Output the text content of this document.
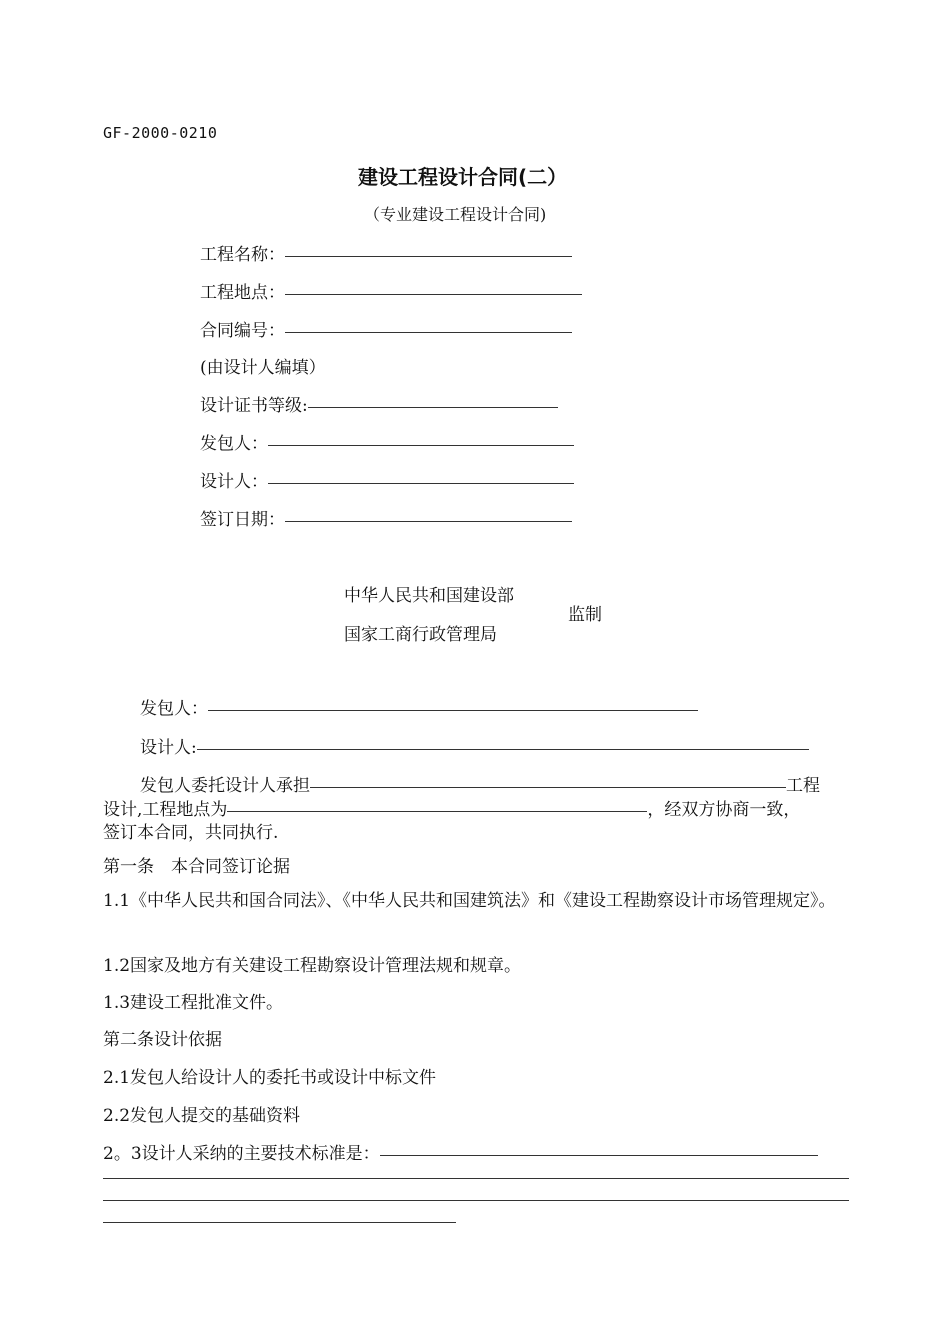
GF-2000-0210
建设工程设计合同(二）
（专业建设工程设计合同)
工程名称：
工程地点：
合同编号：
(由设计人编填）
设计证书等级:
发包人：
设计人：
签订日期：
中华人民共和国建设部
国家工商行政管理局
监制
发包人：
设计人:
发包人委托设计人承担	工程
设计,工程地点为	，经双方协商一致，
签订本合同，共同执行.
第一条　本合同签订论据
1.1《中华人民共和国合同法》、《中华人民共和国建筑法》和《建设工程勘察设计市场管理规定》。
1.2国家及地方有关建设工程勘察设计管理法规和规章。
1.3建设工程批准文件。
第二条设计依据
2.1发包人给设计人的委托书或设计中标文件
2.2发包人提交的基础资料
2。3设计人采纳的主要技术标准是：
